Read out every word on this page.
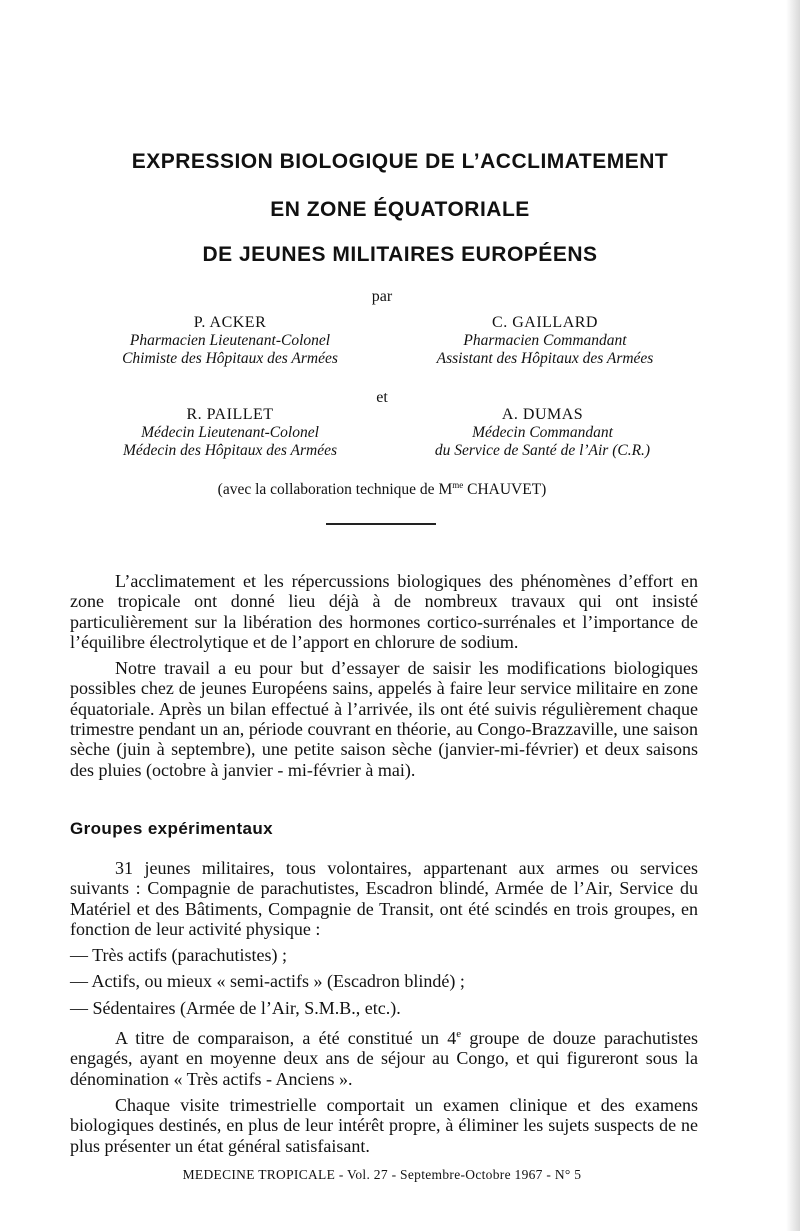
EXPRESSION BIOLOGIQUE DE L’ACCLIMATEMENT
EN ZONE ÉQUATORIALE
DE JEUNES MILITAIRES EUROPÉENS
par
P. ACKER
Pharmacien Lieutenant-Colonel
Chimiste des Hôpitaux des Armées
C. GAILLARD
Pharmacien Commandant
Assistant des Hôpitaux des Armées
et
R. PAILLET
Médecin Lieutenant-Colonel
Médecin des Hôpitaux des Armées
A. DUMAS
Médecin Commandant
du Service de Santé de l’Air (C.R.)
(avec la collaboration technique de $M^{me}$ CHAUVET)

L’acclimatement et les répercussions biologiques des phénomènes d’effort en zone tropicale ont donné lieu déjà à de nombreux travaux qui ont insisté particulièrement sur la libération des hormones cortico-surrénales et l’importance de l’équilibre électrolytique et de l’apport en chlorure de sodium.

Notre travail a eu pour but d’essayer de saisir les modifications biologiques possibles chez de jeunes Européens sains, appelés à faire leur service militaire en zone équatoriale. Après un bilan effectué à l’arrivée, ils ont été suivis régulièrement chaque trimestre pendant un an, période couvrant en théorie, au Congo-Brazzaville, une saison sèche (juin à septembre), une petite saison sèche (janvier-mi-février) et deux saisons des pluies (octobre à janvier - mi-février à mai).

Groupes expérimentaux

31 jeunes militaires, tous volontaires, appartenant aux armes ou services suivants : Compagnie de parachutistes, Escadron blindé, Armée de l’Air, Service du Matériel et des Bâtiments, Compagnie de Transit, ont été scindés en trois groupes, en fonction de leur activité physique :

— Très actifs (parachutistes) ;

— Actifs, ou mieux « semi-actifs » (Escadron blindé) ;

— Sédentaires (Armée de l’Air, S.M.B., etc.).

A titre de comparaison, a été constitué un 4e groupe de douze parachutistes engagés, ayant en moyenne deux ans de séjour au Congo, et qui figureront sous la dénomination « Très actifs - Anciens ».

Chaque visite trimestrielle comportait un examen clinique et des examens biologiques destinés, en plus de leur intérêt propre, à éliminer les sujets suspects de ne plus présenter un état général satisfaisant.

MEDECINE TROPICALE - Vol. 27 - Septembre-Octobre 1967 - N° 5
